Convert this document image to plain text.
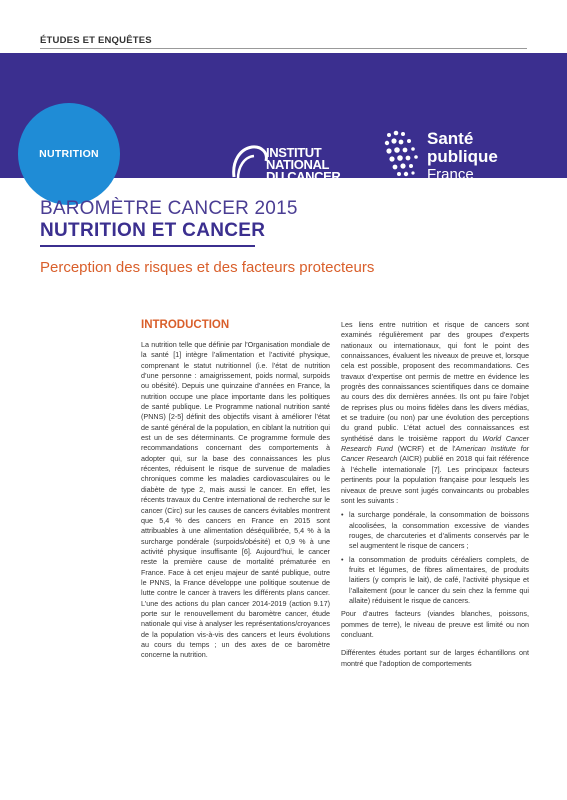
ÉTUDES ET ENQUÊTES
NUTRITION	INSTITUT
NATIONAL
DU CANCER
Santé
publique
France
BAROMÈTRE CANCER 2015
NUTRITION ET CANCER
Perception des risques et des facteurs protecteurs
INTRODUCTION

La nutrition telle que définie par l’Organisation mondiale de la santé [1] intègre l’alimentation et l’activité physique, comprenant le statut nutritionnel (i.e. l’état de nutrition d’une personne : amaigrissement, poids normal, surpoids ou obésité). Depuis une quinzaine d’années en France, la nutrition occupe une place importante dans les politiques de santé publique. Le Programme national nutrition santé (PNNS) [2-5] définit des objectifs visant à améliorer l’état de santé général de la population, en ciblant la nutrition qui est un de ses déterminants. Ce programme formule des recommandations concernant des comportements à adopter qui, sur la base des connaissances les plus récentes, réduisent le risque de survenue de maladies chroniques comme les maladies cardiovasculaires ou le diabète de type 2, mais aussi le cancer. En effet, les récents travaux du Centre international de recherche sur le cancer (Circ) sur les causes de cancers évitables montrent que 5,4 % des cancers en France en 2015 sont attribuables à une alimentation déséquilibrée, 5,4 % à la surcharge pondérale (surpoids/obésité) et 0,9 % à une activité physique insuffisante [6]. Aujourd’hui, le cancer reste la première cause de mortalité prématurée en France. Face à cet enjeu majeur de santé publique, outre le PNNS, la France développe une politique soutenue de lutte contre le cancer à travers les différents plans cancer. L’une des actions du plan cancer 2014-2019 (action 9.17) porte sur le renouvellement du baromètre cancer, étude nationale qui vise à analyser les représentations/croyances de la population vis-à-vis des cancers et leurs évolutions au cours du temps ; un des axes de ce baromètre concerne la nutrition.

Les liens entre nutrition et risque de cancers sont examinés régulièrement par des groupes d’experts nationaux ou internationaux, qui font le point des connaissances, évaluent les niveaux de preuve et, lorsque cela est possible, proposent des recommandations. Ces travaux d’expertise ont permis de mettre en évidence les progrès des connaissances scientifiques dans ce domaine au cours des dix dernières années. Ils ont pu faire l’objet de reprises plus ou moins fidèles dans les divers médias, et se traduire (ou non) par une évolution des perceptions du grand public. L’état actuel des connaissances est synthétisé dans le troisième rapport du World Cancer Research Fund (WCRF) et de l’American Institute for Cancer Research (AICR) publié en 2018 qui fait référence à l’échelle internationale [7]. Les principaux facteurs pertinents pour la population française pour lesquels les niveaux de preuve sont jugés convaincants ou probables sont les suivants :

• la surcharge pondérale, la consommation de boissons alcoolisées, la consommation excessive de viandes rouges, de charcuteries et d’aliments conservés par le sel augmentent le risque de cancers ;
• la consommation de produits céréaliers complets, de fruits et légumes, de fibres alimentaires, de produits laitiers (y compris le lait), de café, l’activité physique et l’allaitement (pour le cancer du sein chez la femme qui allaite) réduisent le risque de cancers.

Pour d’autres facteurs (viandes blanches, poissons, pommes de terre), le niveau de preuve est limité ou non concluant.

Différentes études portant sur de larges échantillons ont montré que l’adoption de comportements
